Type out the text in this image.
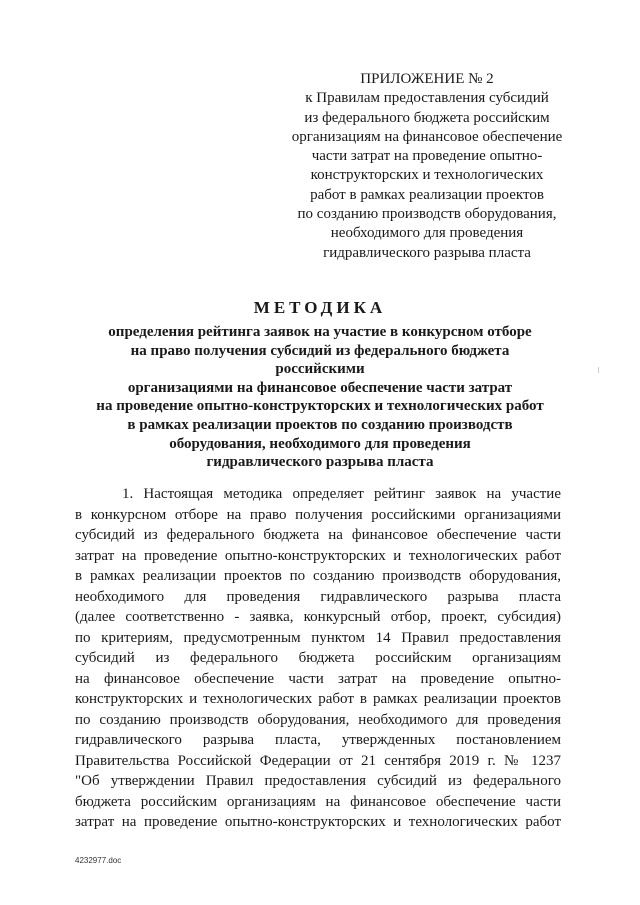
ПРИЛОЖЕНИЕ № 2
к Правилам предоставления субсидий
из федерального бюджета российским
организациям на финансовое обеспечение
части затрат на проведение опытно-
конструкторских и технологических
работ в рамках реализации проектов
по созданию производств оборудования,
необходимого для проведения
гидравлического разрыва пласта
МЕТОДИКА
определения рейтинга заявок на участие в конкурсном отборе
на право получения субсидий из федерального бюджета российскими
организациями на финансовое обеспечение части затрат
на проведение опытно-конструкторских и технологических работ
в рамках реализации проектов по созданию производств
оборудования, необходимого для проведения
гидравлического разрыва пласта
1. Настоящая методика определяет рейтинг заявок на участие
в конкурсном отборе на право получения российскими организациями
субсидий из федерального бюджета на финансовое обеспечение части
затрат на проведение опытно-конструкторских и технологических работ
в рамках реализации проектов по созданию производств оборудования,
необходимого для проведения гидравлического разрыва пласта
(далее соответственно - заявка, конкурсный отбор, проект, субсидия)
по критериям, предусмотренным пунктом 14 Правил предоставления
субсидий из федерального бюджета российским организациям
на финансовое обеспечение части затрат на проведение опытно-
конструкторских и технологических работ в рамках реализации проектов
по созданию производств оборудования, необходимого для проведения
гидравлического разрыва пласта, утвержденных постановлением
Правительства Российской Федерации от 21 сентября 2019 г. № 1237
"Об утверждении Правил предоставления субсидий из федерального
бюджета российским организациям на финансовое обеспечение части
затрат на проведение опытно-конструкторских и технологических работ
4232977.doc
